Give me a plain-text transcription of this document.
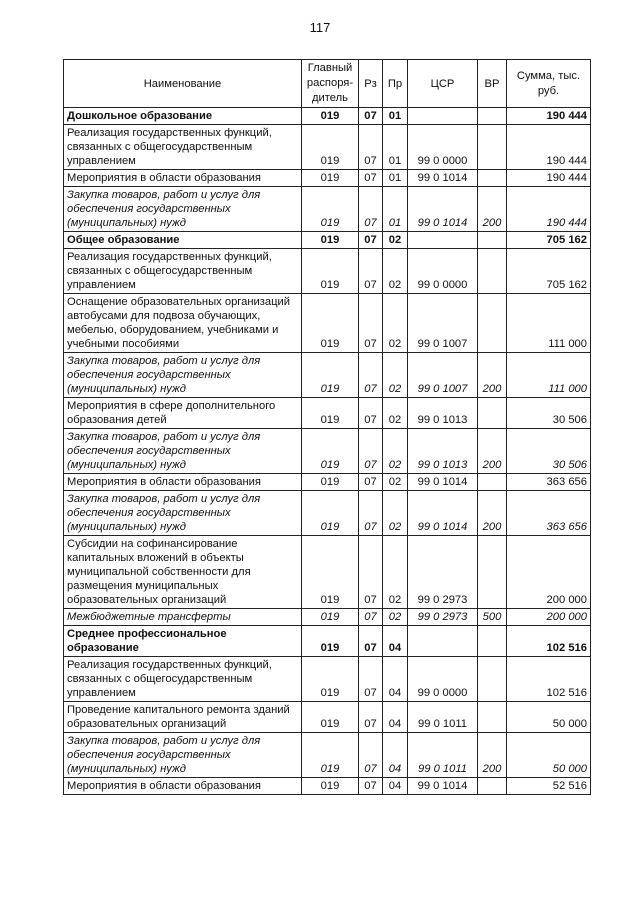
117
Наименование	Главный распоря-дитель	Рз	Пр	ЦСР	ВР	Сумма, тыс. руб.
Дошкольное образование	019	07	01			190 444
Реализация государственных функций, связанных с общегосударственным управлением	019	07	01	99 0 0000		190 444
Мероприятия в области образования	019	07	01	99 0 1014		190 444
Закупка товаров, работ и услуг для обеспечения государственных (муниципальных) нужд	019	07	01	99 0 1014	200	190 444
Общее образование	019	07	02			705 162
Реализация государственных функций, связанных с общегосударственным управлением	019	07	02	99 0 0000		705 162
Оснащение образовательных организаций автобусами для подвоза обучающих, мебелью, оборудованием, учебниками и учебными пособиями	019	07	02	99 0 1007		111 000
Закупка товаров, работ и услуг для обеспечения государственных (муниципальных) нужд	019	07	02	99 0 1007	200	111 000
Мероприятия в сфере дополнительного образования детей	019	07	02	99 0 1013		30 506
Закупка товаров, работ и услуг для обеспечения государственных (муниципальных) нужд	019	07	02	99 0 1013	200	30 506
Мероприятия в области образования	019	07	02	99 0 1014		363 656
Закупка товаров, работ и услуг для обеспечения государственных (муниципальных) нужд	019	07	02	99 0 1014	200	363 656
Субсидии на софинансирование капитальных вложений в объекты муниципальной собственности для размещения муниципальных образовательных организаций	019	07	02	99 0 2973		200 000
Межбюджетные трансферты	019	07	02	99 0 2973	500	200 000
Среднее профессиональное образование	019	07	04			102 516
Реализация государственных функций, связанных с общегосударственным управлением	019	07	04	99 0 0000		102 516
Проведение капитального ремонта зданий образовательных организаций	019	07	04	99 0 1011		50 000
Закупка товаров, работ и услуг для обеспечения государственных (муниципальных) нужд	019	07	04	99 0 1011	200	50 000
Мероприятия в области образования	019	07	04	99 0 1014		52 516
